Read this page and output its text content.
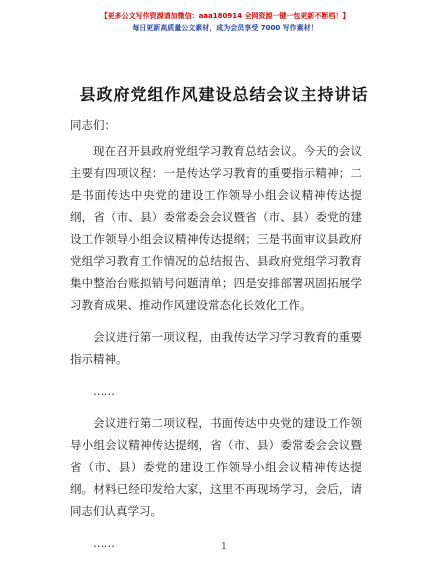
【更多公文写作资源请加微信：aaa180914 全网资源一键一包更新不断档！】
每日更新高质量公文素材，成为会员享受 7000 写作素材！
县政府党组作风建设总结会议主持讲话

同志们：

现在召开县政府党组学习教育总结会议。今天的会议主要有四项议程：一是传达学习教育的重要指示精神；二是书面传达中央党的建设工作领导小组会议精神传达提纲，省（市、县）委常委会会议暨省（市、县）委党的建设工作领导小组会议精神传达提纲；三是书面审议县政府党组学习教育工作情况的总结报告、县政府党组学习教育集中整治台账拟销号问题清单；四是安排部署巩固拓展学习教育成果、推动作风建设常态化长效化工作。

会议进行第一项议程，由我传达学习学习教育的重要指示精神。

……

会议进行第二项议程，书面传达中央党的建设工作领导小组会议精神传达提纲，省（市、县）委常委会会议暨省（市、县）委党的建设工作领导小组会议精神传达提纲。材料已经印发给大家，这里不再现场学习，会后，请同志们认真学习。

……	1
